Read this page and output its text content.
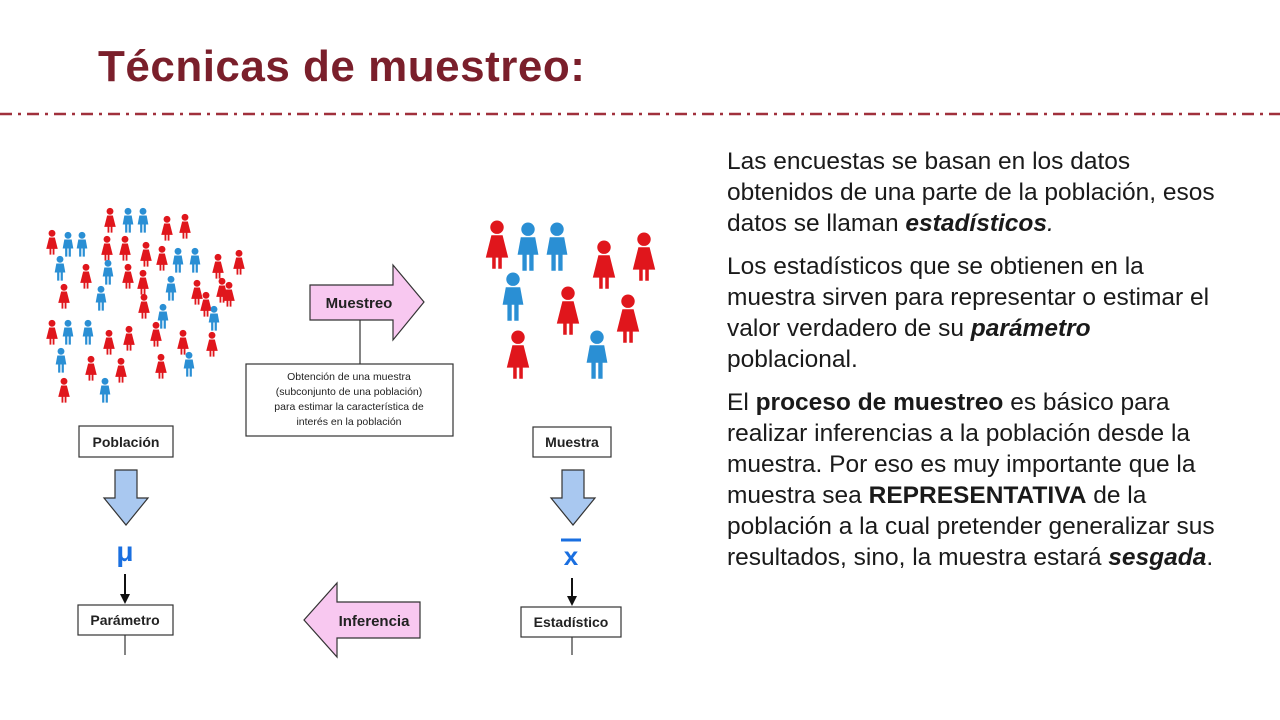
Técnicas de muestreo:

Las encuestas se basan en los datos obtenidos de una parte de la población, esos datos se llaman estadísticos.

Los estadísticos que se obtienen en la muestra sirven para representar o estimar el valor verdadero de su parámetro poblacional.

El proceso de muestreo es básico para realizar inferencias a la población desde la muestra. Por eso es muy importante que la muestra sea REPRESENTATIVA de la población a la cual pretender generalizar sus resultados, sino, la muestra estará sesgada.

Muestreo
Obtención de una muestra
(subconjunto de una población)
para estimar la característica de
interés en la población
Población	Muestra
μ	x
Parámetro	Estadístico
Inferencia
